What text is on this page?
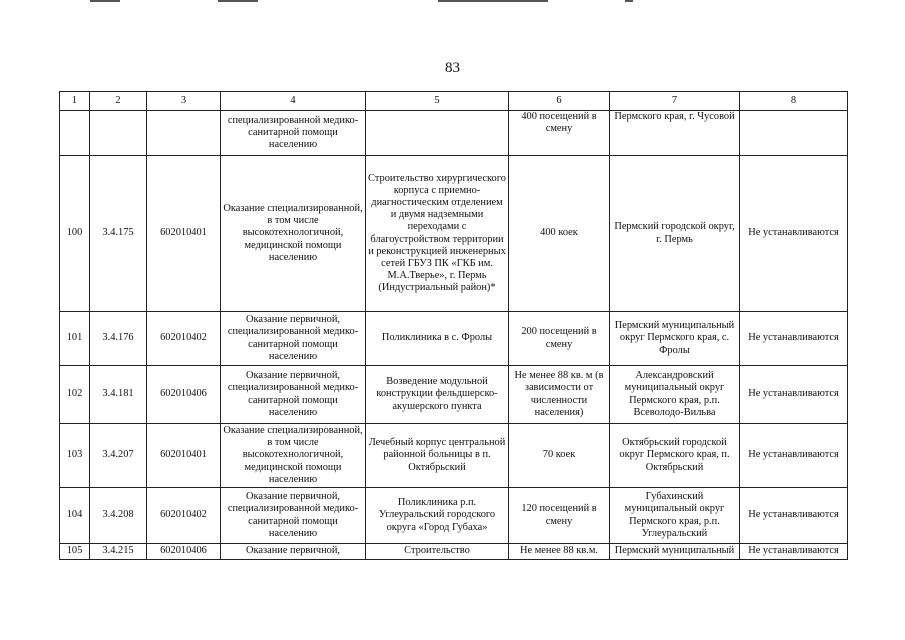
83
1	2	3	4	5	6	7	8
			специализированной медико-санитарной помощи населению		400 посещений в смену	Пермского края, г. Чусовой	
100	3.4.175	602010401	Оказание специализированной, в том числе высокотехнологичной, медицинской помощи населению	Строительство хирургического корпуса с приемно-диагностическим отделением и двумя надземными переходами с благоустройством территории и реконструкцией инженерных сетей ГБУЗ ПК «ГКБ им. М.А.Тверье», г. Пермь (Индустриальный район)*	400 коек	Пермский городской округ, г. Пермь	Не устанавливаются
101	3.4.176	602010402	Оказание первичной, специализированной медико-санитарной помощи населению	Поликлиника в с. Фролы	200 посещений в смену	Пермский муниципальный округ Пермского края, с. Фролы	Не устанавливаются
102	3.4.181	602010406	Оказание первичной, специализированной медико-санитарной помощи населению	Возведение модульной конструкции фельдшерско-акушерского пункта	Не менее 88 кв. м (в зависимости от численности населения)	Александровский муниципальный округ Пермского края, р.п. Всеволодо-Вильва	Не устанавливаются
103	3.4.207	602010401	Оказание специализированной, в том числе высокотехнологичной, медицинской помощи населению	Лечебный корпус центральной районной больницы в п. Октябрьский	70 коек	Октябрьский городской округ Пермского края, п. Октябрьский	Не устанавливаются
104	3.4.208	602010402	Оказание первичной, специализированной медико-санитарной помощи населению	Поликлиника р.п. Углеуральский городского округа «Город Губаха»	120 посещений в смену	Губахинский муниципальный округ Пермского края, р.п. Углеуральский	Не устанавливаются
105	3.4.215	602010406	Оказание первичной,	Строительство	Не менее 88 кв.м.	Пермский муниципальный	Не устанавливаются
